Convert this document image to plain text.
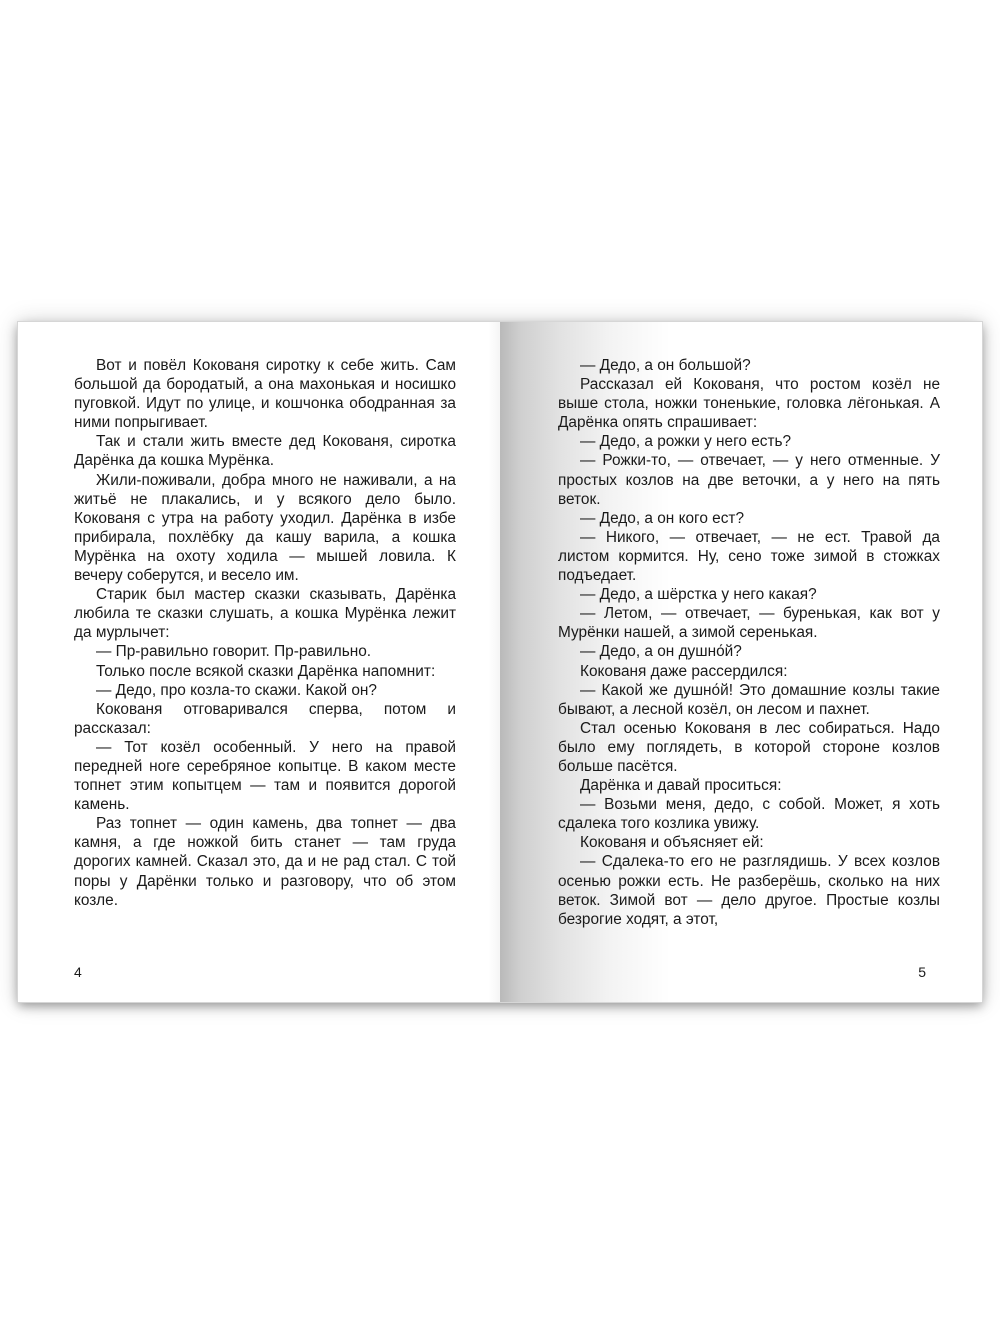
Вот и повёл Кокованя сиротку к себе жить. Сам большой да бородатый, а она махонькая и носишко пуговкой. Идут по улице, и кошчонка ободранная за ними попрыгивает.

Так и стали жить вместе дед Кокованя, сиротка Дарёнка да кошка Мурёнка.

Жили-поживали, добра много не наживали, а на житьё не плакались, и у всякого дело было. Кокованя с утра на работу уходил. Дарёнка в избе прибирала, похлёбку да кашу варила, а кошка Мурёнка на охоту ходила — мышей ловила. К вечеру соберутся, и весело им.

Старик был мастер сказки сказывать, Дарёнка любила те сказки слушать, а кошка Мурёнка лежит да мурлычет:

— Пр-равильно говорит. Пр-равильно.

Только после всякой сказки Дарёнка напомнит:

— Дедо, про козла-то скажи. Какой он?

Кокованя отговаривался сперва, потом и рассказал:

— Тот козёл особенный. У него на правой передней ноге серебряное копытце. В каком месте топнет этим копытцем — там и появится дорогой камень.

Раз топнет — один камень, два топнет — два камня, а где ножкой бить станет — там груда дорогих камней. Сказал это, да и не рад стал. С той поры у Дарёнки только и разговору, что об этом козле.

4

— Дедо, а он большой?

Рассказал ей Кокованя, что ростом козёл не выше стола, ножки тоненькие, головка лёгонькая. А Дарёнка опять спрашивает:

— Дедо, а рожки у него есть?

— Рожки-то, — отвечает, — у него отменные. У простых козлов на две веточки, а у него на пять веток.

— Дедо, а он кого ест?

— Никого, — отвечает, — не ест. Травой да листом кормится. Ну, сено тоже зимой в стожках подъедает.

— Дедо, а шёрстка у него какая?

— Летом, — отвечает, — буренькая, как вот у Мурёнки нашей, а зимой серенькая.

— Дедо, а он душно́й?

Кокованя даже рассердился:

— Какой же душно́й! Это домашние козлы такие бывают, а лесной козёл, он лесом и пахнет.

Стал осенью Кокованя в лес собираться. Надо было ему поглядеть, в которой стороне козлов больше пасётся.

Дарёнка и давай проситься:

— Возьми меня, дедо, с собой. Может, я хоть сдалека того козлика увижу.

Кокованя и объясняет ей:

— Сдалека-то его не разглядишь. У всех козлов осенью рожки есть. Не разберёшь, сколько на них веток. Зимой вот — дело другое. Простые козлы безрогие ходят, а этот,

5
